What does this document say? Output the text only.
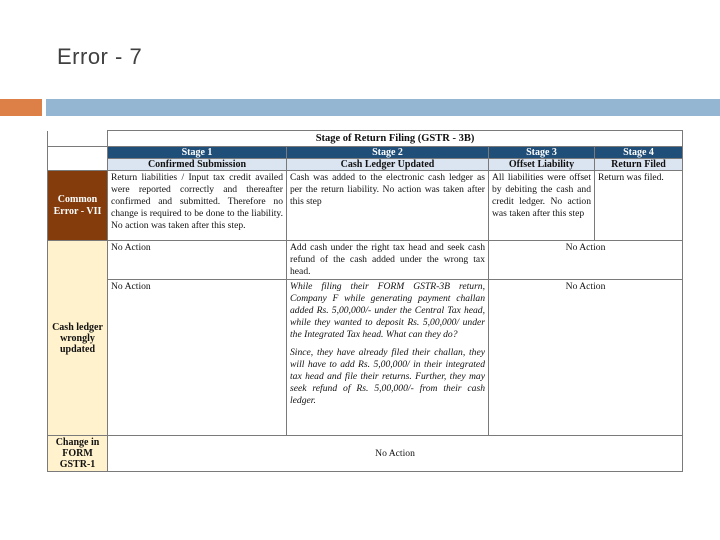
Error - 7
	Stage of Return Filing (GSTR - 3B)			
	Stage 1	Stage 2	Stage 3	Stage 4
	Confirmed Submission	Cash Ledger Updated	Offset Liability	Return Filed
Common Error - VII	Return liabilities / Input tax credit availed were reported correctly and thereafter confirmed and submitted. Therefore no change is required to be done to the liability. No action was taken after this step.	Cash was added to the electronic cash ledger as per the return liability. No action was taken after this step	All liabilities were offset by debiting the cash and credit ledger. No action was taken after this step	Return was filed.
Cash ledger wrongly updated	No Action	Add cash under the right tax head and seek cash refund of the cash added under the wrong tax head.	No Action	
	No Action	While filing their FORM GSTR-3B return, Company F while generating payment challan added Rs. 5,00,000/- under the Central Tax head, while they wanted to deposit Rs. 5,00,000/ under the Integrated Tax head. What can they do?
Since, they have already filed their challan, they will have to add Rs. 5,00,000/ in their integrated tax head and file their returns. Further, they may seek refund of Rs. 5,00,000/- from their cash ledger.	No Action	
Change in FORM GSTR-1	No Action			
